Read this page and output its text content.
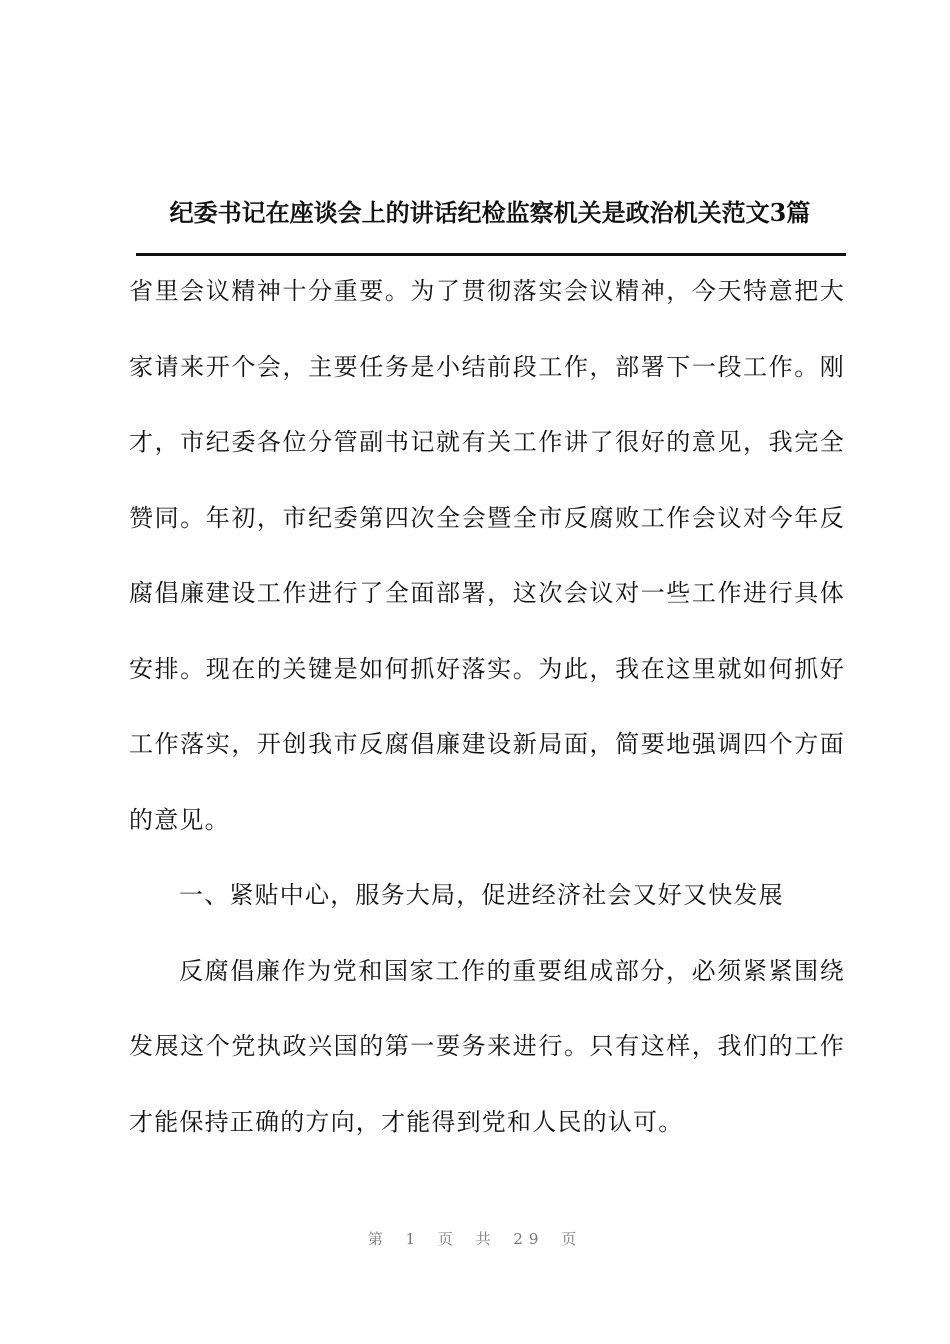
纪委书记在座谈会上的讲话纪检监察机关是政治机关范文3篇

省里会议精神十分重要。为了贯彻落实会议精神，今天特意把大家请来开个会，主要任务是小结前段工作，部署下一段工作。刚才，市纪委各位分管副书记就有关工作讲了很好的意见，我完全赞同。年初，市纪委第四次全会暨全市反腐败工作会议对今年反腐倡廉建设工作进行了全面部署，这次会议对一些工作进行具体安排。现在的关键是如何抓好落实。为此，我在这里就如何抓好工作落实，开创我市反腐倡廉建设新局面，简要地强调四个方面的意见。

一、紧贴中心，服务大局，促进经济社会又好又快发展

反腐倡廉作为党和国家工作的重要组成部分，必须紧紧围绕发展这个党执政兴国的第一要务来进行。只有这样，我们的工作才能保持正确的方向，才能得到党和人民的认可。

第 1 页 共 29 页
